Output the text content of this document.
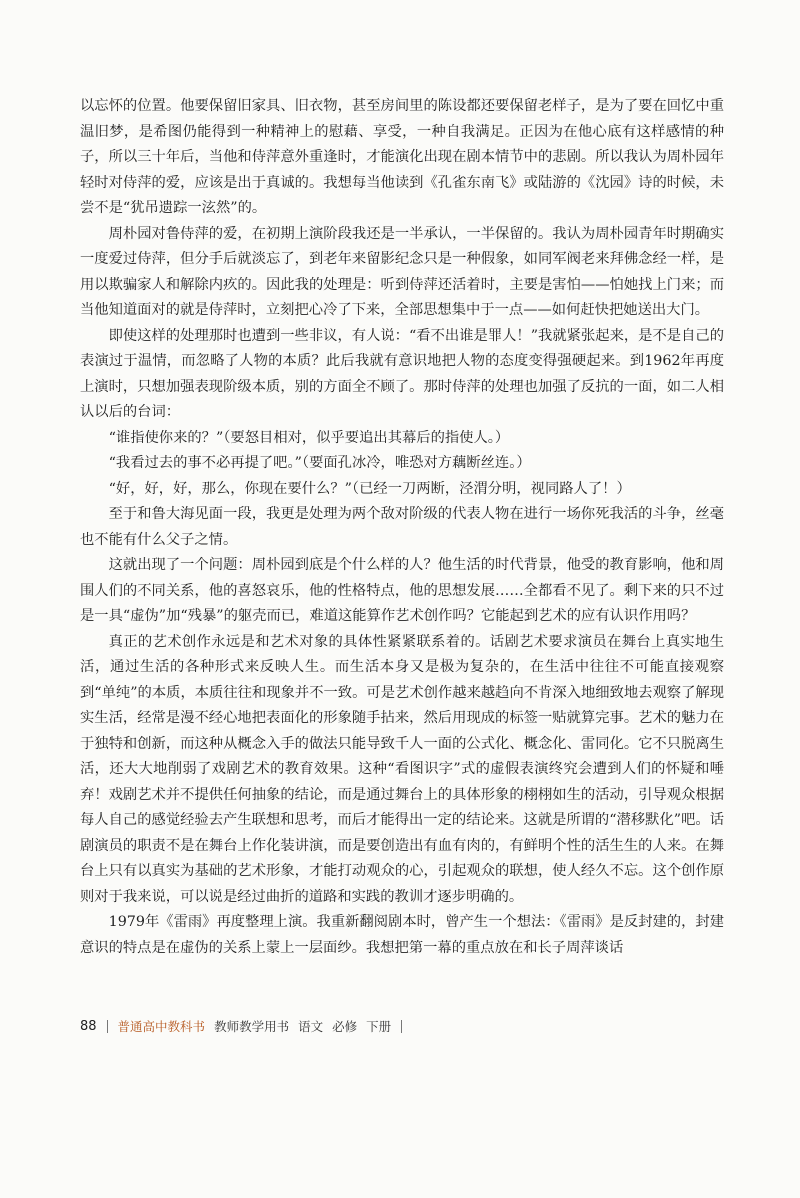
以忘怀的位置。他要保留旧家具、旧衣物，甚至房间里的陈设都还要保留老样子，是为了要在回忆中重温旧梦，是希图仍能得到一种精神上的慰藉、享受，一种自我满足。正因为在他心底有这样感情的种子，所以三十年后，当他和侍萍意外重逢时，才能演化出现在剧本情节中的悲剧。所以我认为周朴园年轻时对侍萍的爱，应该是出于真诚的。我想每当他读到《孔雀东南飞》或陆游的《沈园》诗的时候，未尝不是“犹吊遗踪一泫然”的。

周朴园对鲁侍萍的爱，在初期上演阶段我还是一半承认，一半保留的。我认为周朴园青年时期确实一度爱过侍萍，但分手后就淡忘了，到老年来留影纪念只是一种假象，如同军阀老来拜佛念经一样，是用以欺骗家人和解除内疚的。因此我的处理是：听到侍萍还活着时，主要是害怕——怕她找上门来；而当他知道面对的就是侍萍时，立刻把心冷了下来，全部思想集中于一点——如何赶快把她送出大门。

即使这样的处理那时也遭到一些非议，有人说：“看不出谁是罪人！”我就紧张起来，是不是自己的表演过于温情，而忽略了人物的本质？此后我就有意识地把人物的态度变得强硬起来。到1962年再度上演时，只想加强表现阶级本质，别的方面全不顾了。那时侍萍的处理也加强了反抗的一面，如二人相认以后的台词：

“谁指使你来的？”（要怒目相对，似乎要追出其幕后的指使人。）

“我看过去的事不必再提了吧。”（要面孔冰冷，唯恐对方藕断丝连。）

“好，好，好，那么，你现在要什么？”（已经一刀两断，泾渭分明，视同路人了！）

至于和鲁大海见面一段，我更是处理为两个敌对阶级的代表人物在进行一场你死我活的斗争，丝毫也不能有什么父子之情。

这就出现了一个问题：周朴园到底是个什么样的人？他生活的时代背景，他受的教育影响，他和周围人们的不同关系，他的喜怒哀乐，他的性格特点，他的思想发展……全都看不见了。剩下来的只不过是一具“虚伪”加“残暴”的躯壳而已，难道这能算作艺术创作吗？它能起到艺术的应有认识作用吗？

真正的艺术创作永远是和艺术对象的具体性紧紧联系着的。话剧艺术要求演员在舞台上真实地生活，通过生活的各种形式来反映人生。而生活本身又是极为复杂的，在生活中往往不可能直接观察到“单纯”的本质，本质往往和现象并不一致。可是艺术创作越来越趋向不肯深入地细致地去观察了解现实生活，经常是漫不经心地把表面化的形象随手拈来，然后用现成的标签一贴就算完事。艺术的魅力在于独特和创新，而这种从概念入手的做法只能导致千人一面的公式化、概念化、雷同化。它不只脱离生活，还大大地削弱了戏剧艺术的教育效果。这种“看图识字”式的虚假表演终究会遭到人们的怀疑和唾弃！戏剧艺术并不提供任何抽象的结论，而是通过舞台上的具体形象的栩栩如生的活动，引导观众根据每人自己的感觉经验去产生联想和思考，而后才能得出一定的结论来。这就是所谓的“潜移默化”吧。话剧演员的职责不是在舞台上作化装讲演，而是要创造出有血有肉的，有鲜明个性的活生生的人来。在舞台上只有以真实为基础的艺术形象，才能打动观众的心，引起观众的联想，使人经久不忘。这个创作原则对于我来说，可以说是经过曲折的道路和实践的教训才逐步明确的。

1979年《雷雨》再度整理上演。我重新翻阅剧本时，曾产生一个想法：《雷雨》是反封建的，封建意识的特点是在虚伪的关系上蒙上一层面纱。我想把第一幕的重点放在和长子周萍谈话

88 普通高中教科书 教师教学用书 语文 必修 下册
